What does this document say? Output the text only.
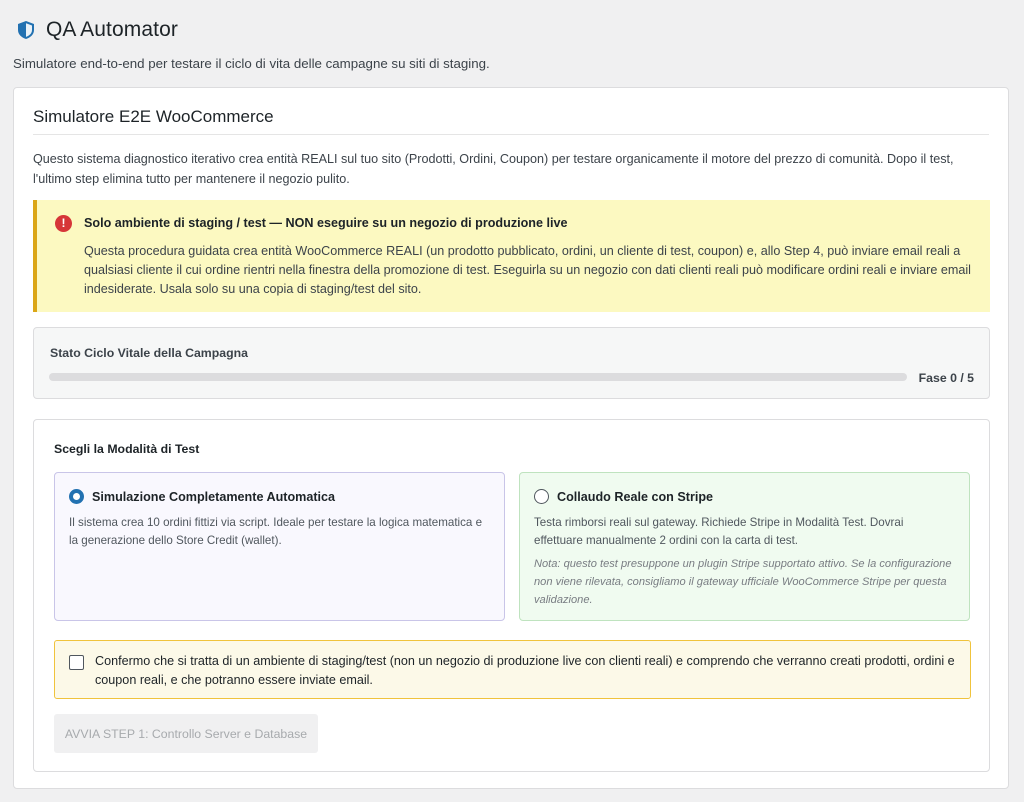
QA Automator
Simulatore end-to-end per testare il ciclo di vita delle campagne su siti di staging.
Simulatore E2E WooCommerce
Questo sistema diagnostico iterativo crea entità REALI sul tuo sito (Prodotti, Ordini, Coupon) per testare organicamente il motore del prezzo di comunità. Dopo il test, l'ultimo step elimina tutto per mantenere il negozio pulito.
!	Solo ambiente di staging / test — NON eseguire su un negozio di produzione live
Questa procedura guidata crea entità WooCommerce REALI (un prodotto pubblicato, ordini, un cliente di test, coupon) e, allo Step 4, può inviare email reali a qualsiasi cliente il cui ordine rientri nella finestra della promozione di test. Eseguirla su un negozio con dati clienti reali può modificare ordini reali e inviare email indesiderate. Usala solo su una copia di staging/test del sito.
Stato Ciclo Vitale della Campagna
Fase 0 / 5
Scegli la Modalità di Test
Simulazione Completamente Automatica
Il sistema crea 10 ordini fittizi via script. Ideale per testare la logica matematica e la generazione dello Store Credit (wallet).
Collaudo Reale con Stripe
Testa rimborsi reali sul gateway. Richiede Stripe in Modalità Test. Dovrai effettuare manualmente 2 ordini con la carta di test.
Nota: questo test presuppone un plugin Stripe supportato attivo. Se la configurazione non viene rilevata, consigliamo il gateway ufficiale WooCommerce Stripe per questa validazione.
Confermo che si tratta di un ambiente di staging/test (non un negozio di produzione live con clienti reali) e comprendo che verranno creati prodotti, ordini e coupon reali, e che potranno essere inviate email.
AVVIA STEP 1: Controllo Server e Database
